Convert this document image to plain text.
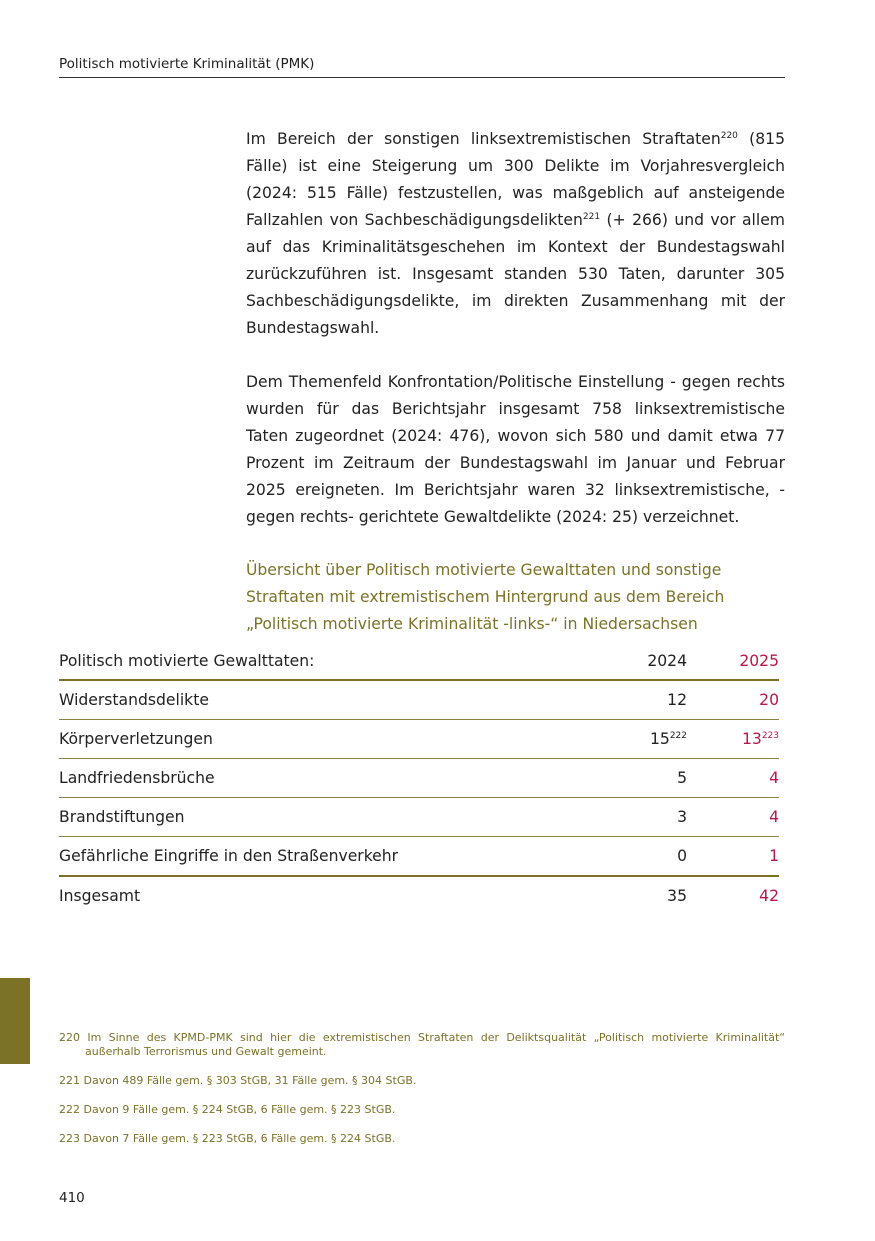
Politisch motivierte Kriminalität (PMK)

Im Bereich der sonstigen linksextremistischen Straftaten$^{220}$ (815 Fälle) ist eine Steigerung um 300 Delikte im Vorjahresvergleich (2024: 515 Fälle) festzustellen, was maßgeblich auf ansteigende Fallzahlen von Sachbeschädigungsdelikten$^{221}$ (+ 266) und vor allem auf das Kriminalitätsgeschehen im Kontext der Bundestagswahl zurückzuführen ist. Insgesamt standen 530 Taten, darunter 305 Sachbeschädigungsdelikte, im direkten Zusammenhang mit der Bundestagswahl.

Dem Themenfeld Konfrontation/Politische Einstellung - gegen rechts wurden für das Berichtsjahr insgesamt 758 linksextremistische Taten zugeordnet (2024: 476), wovon sich 580 und damit etwa 77 Prozent im Zeitraum der Bundestagswahl im Januar und Februar 2025 ereigneten. Im Berichtsjahr waren 32 linksextremistische, -gegen rechts- gerichtete Gewaltdelikte (2024: 25) verzeichnet.

Übersicht über Politisch motivierte Gewalttaten und sonstige Straftaten mit extremistischem Hintergrund aus dem Bereich „Politisch motivierte Kriminalität -links-“ in Niedersachsen

Politisch motivierte Gewalttaten:	2024	2025
Widerstandsdelikte	12	20
Körperverletzungen	$15^{222}$	$13^{223}$
Landfriedensbrüche	5	4
Brandstiftungen	3	4
Gefährliche Eingriffe in den Straßenverkehr	0	1
Insgesamt	35	42

220 Im Sinne des KPMD-PMK sind hier die extremistischen Straftaten der Deliktsqualität „Politisch motivierte Kriminalität“ außerhalb Terrorismus und Gewalt gemeint.

221 Davon 489 Fälle gem. § 303 StGB, 31 Fälle gem. § 304 StGB.

222 Davon 9 Fälle gem. § 224 StGB, 6 Fälle gem. § 223 StGB.

223 Davon 7 Fälle gem. § 223 StGB, 6 Fälle gem. § 224 StGB.

410
